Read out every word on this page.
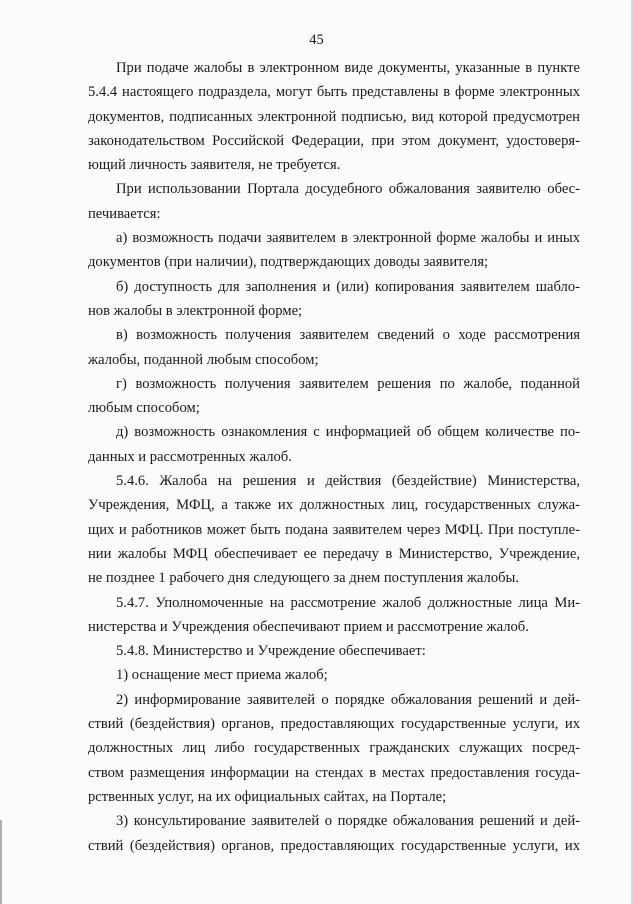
45
При подаче жалобы в электронном виде документы, указанные в пункте
5.4.4 настоящего подраздела, могут быть представлены в форме электронных
документов, подписанных электронной подписью, вид которой предусмотрен
законодательством Российской Федерации, при этом документ, удостоверя-
ющий личность заявителя, не требуется.
При использовании Портала досудебного обжалования заявителю обес-
печивается:
а) возможность подачи заявителем в электронной форме жалобы и иных
документов (при наличии), подтверждающих доводы заявителя;
б) доступность для заполнения и (или) копирования заявителем шабло-
нов жалобы в электронной форме;
в) возможность получения заявителем сведений о ходе рассмотрения
жалобы, поданной любым способом;
г) возможность получения заявителем решения по жалобе, поданной
любым способом;
д) возможность ознакомления с информацией об общем количестве по-
данных и рассмотренных жалоб.
5.4.6. Жалоба на решения и действия (бездействие) Министерства,
Учреждения, МФЦ, а также их должностных лиц, государственных служа-
щих и работников может быть подана заявителем через МФЦ. При поступле-
нии жалобы МФЦ обеспечивает ее передачу в Министерство, Учреждение,
не позднее 1 рабочего дня следующего за днем поступления жалобы.
5.4.7. Уполномоченные на рассмотрение жалоб должностные лица Ми-
нистерства и Учреждения обеспечивают прием и рассмотрение жалоб.
5.4.8. Министерство и Учреждение обеспечивает:
1) оснащение мест приема жалоб;
2) информирование заявителей о порядке обжалования решений и дей-
ствий (бездействия) органов, предоставляющих государственные услуги, их
должностных лиц либо государственных гражданских служащих посред-
ством размещения информации на стендах в местах предоставления госуда-
рственных услуг, на их официальных сайтах, на Портале;
3) консультирование заявителей о порядке обжалования решений и дей-
ствий (бездействия) органов, предоставляющих государственные услуги, их
